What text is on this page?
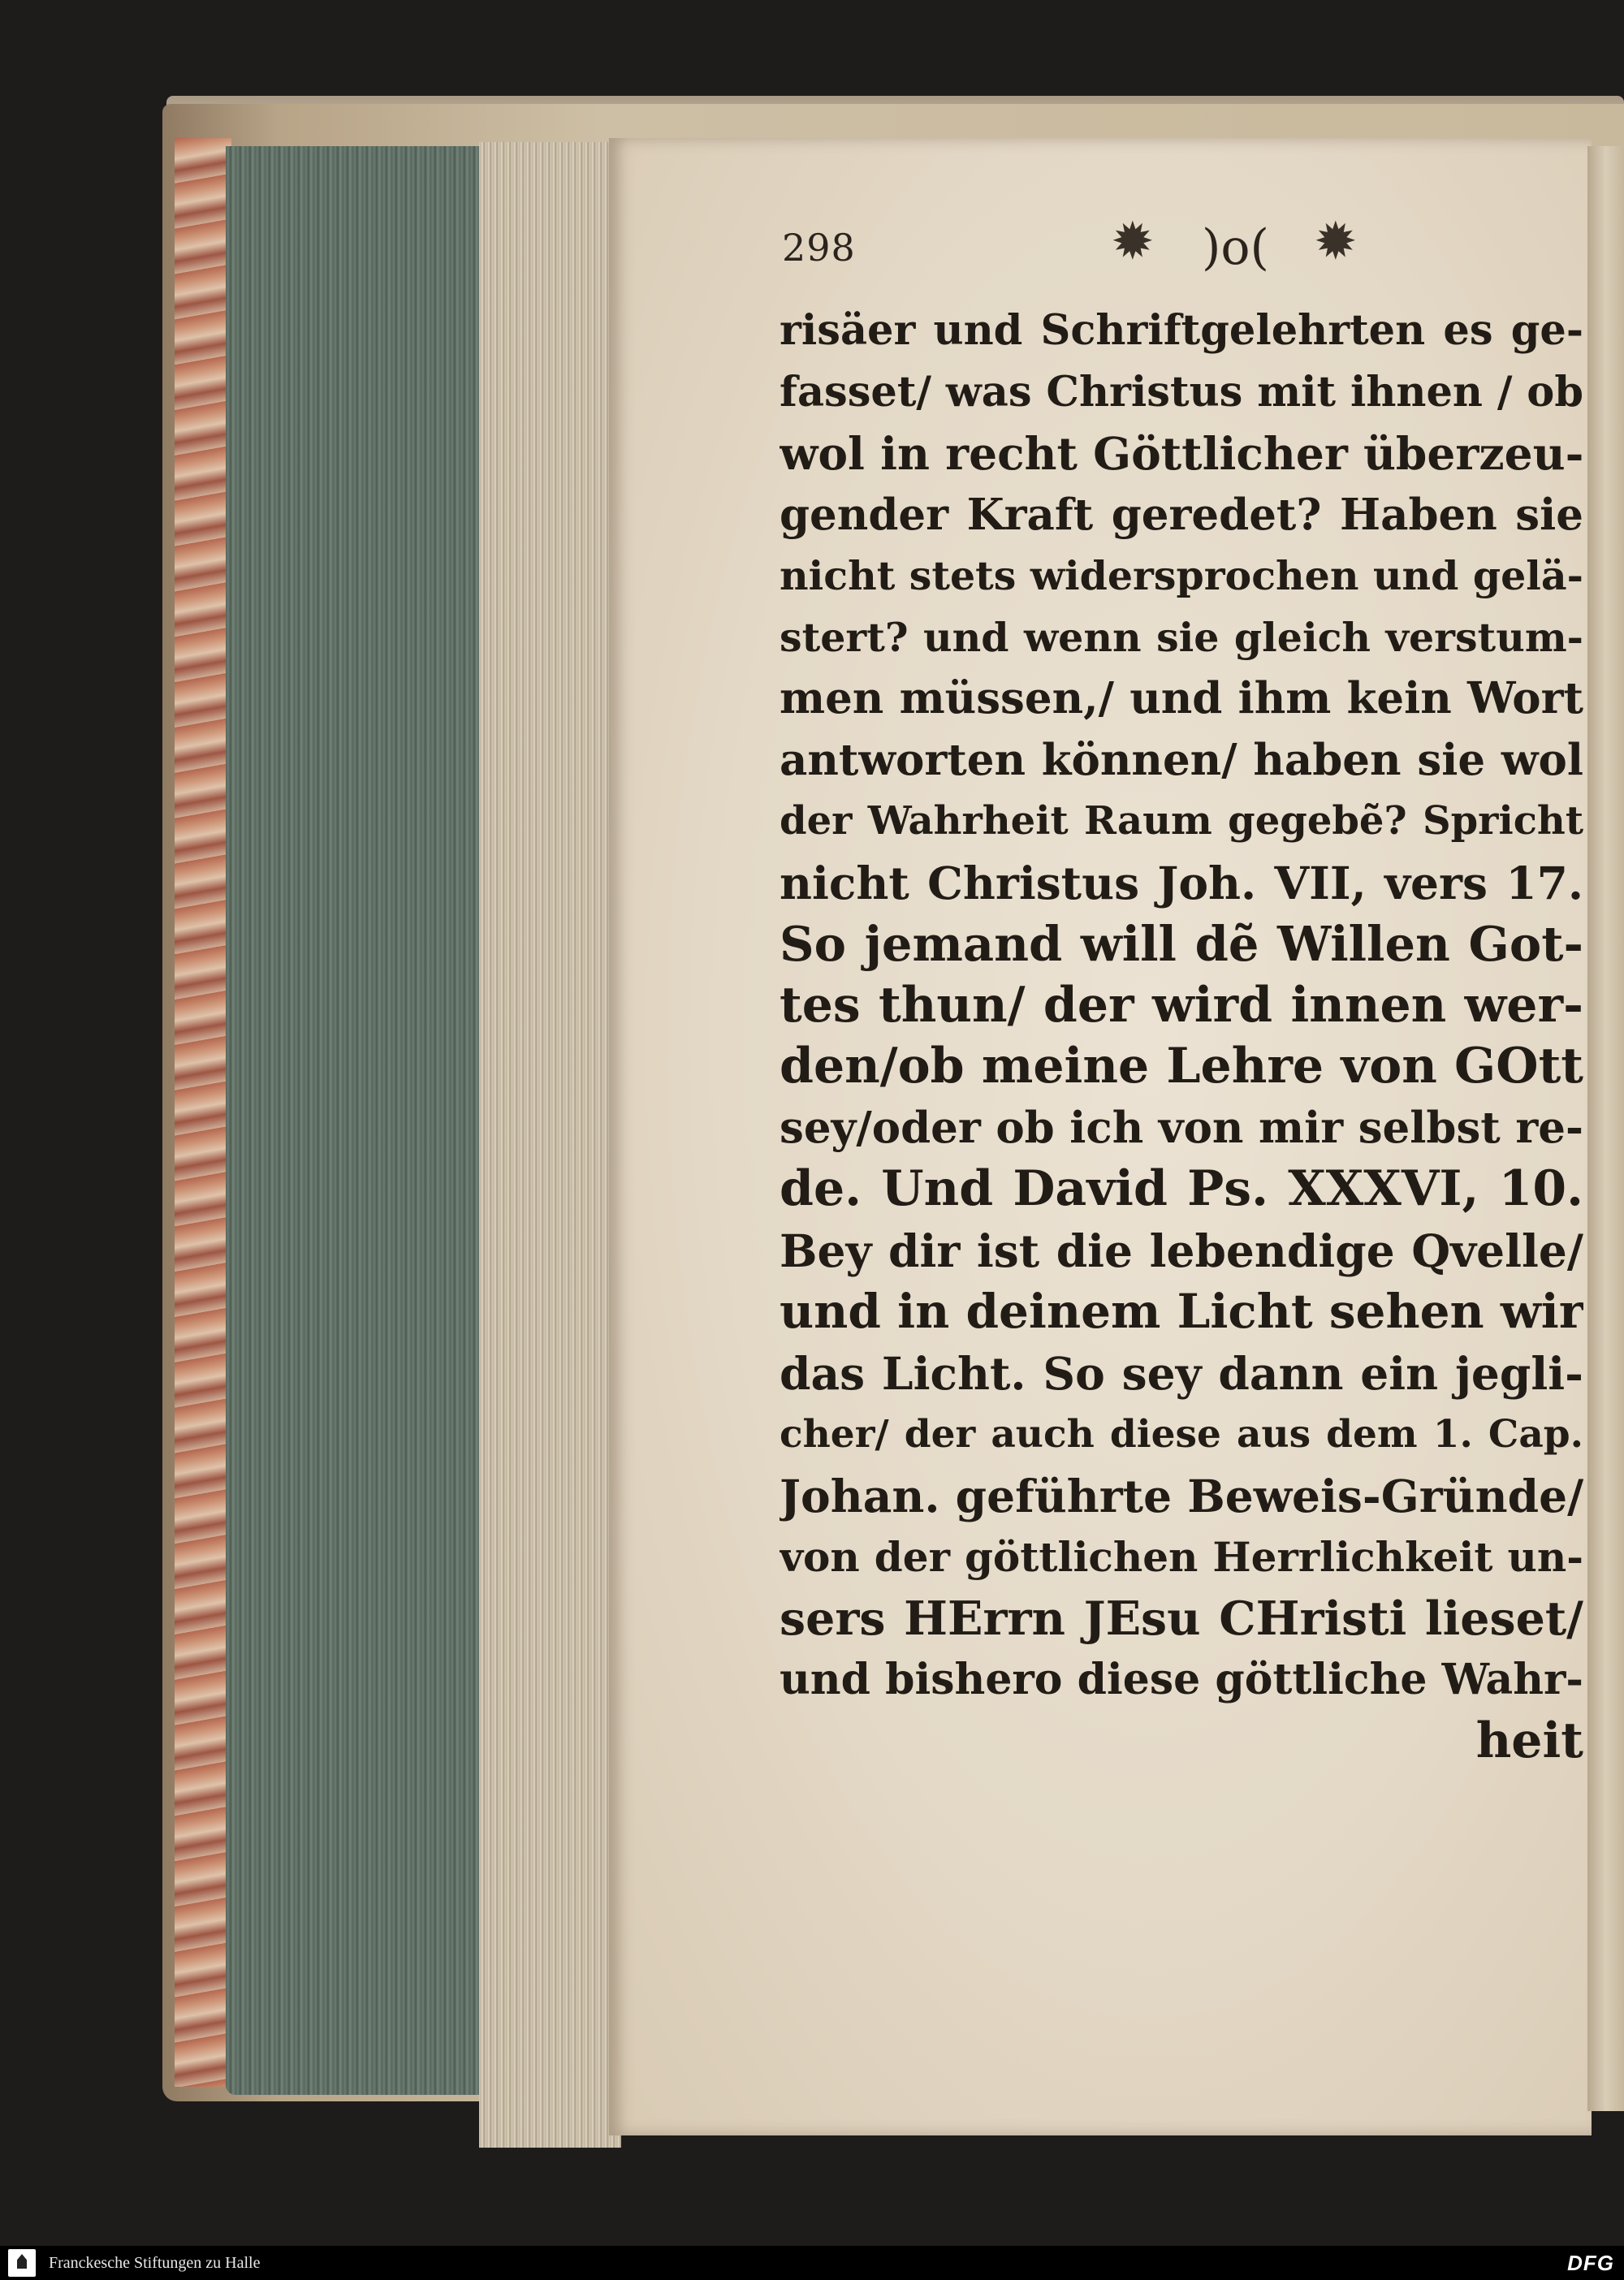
298	✹ )o( ✹
risäer und Schriftgelehrten es ge-
fasset/ was Christus mit ihnen / ob
wol in recht Göttlicher überzeu-
gender Kraft geredet? Haben sie
nicht stets widersprochen und gelä-
stert? und wenn sie gleich verstum-
men müssen,/ und ihm kein Wort
antworten können/ haben sie wol
der Wahrheit Raum gegebẽ? Spricht
nicht Christus Joh. VII, vers 17.
So jemand will dẽ Willen Got-
tes thun/ der wird innen wer-
den/ob meine Lehre von GOtt
sey/oder ob ich von mir selbst re-
de. Und David Ps. XXXVI, 10.
Bey dir ist die lebendige Qvelle/
und in deinem Licht sehen wir
das Licht. So sey dann ein jegli-
cher/ der auch diese aus dem 1. Cap.
Johan. geführte Beweis-Gründe/
von der göttlichen Herrlichkeit un-
sers HErrn JEsu CHristi lieset/
und bishero diese göttliche Wahr-
heit
Franckesche Stiftungen zu Halle	DFG
